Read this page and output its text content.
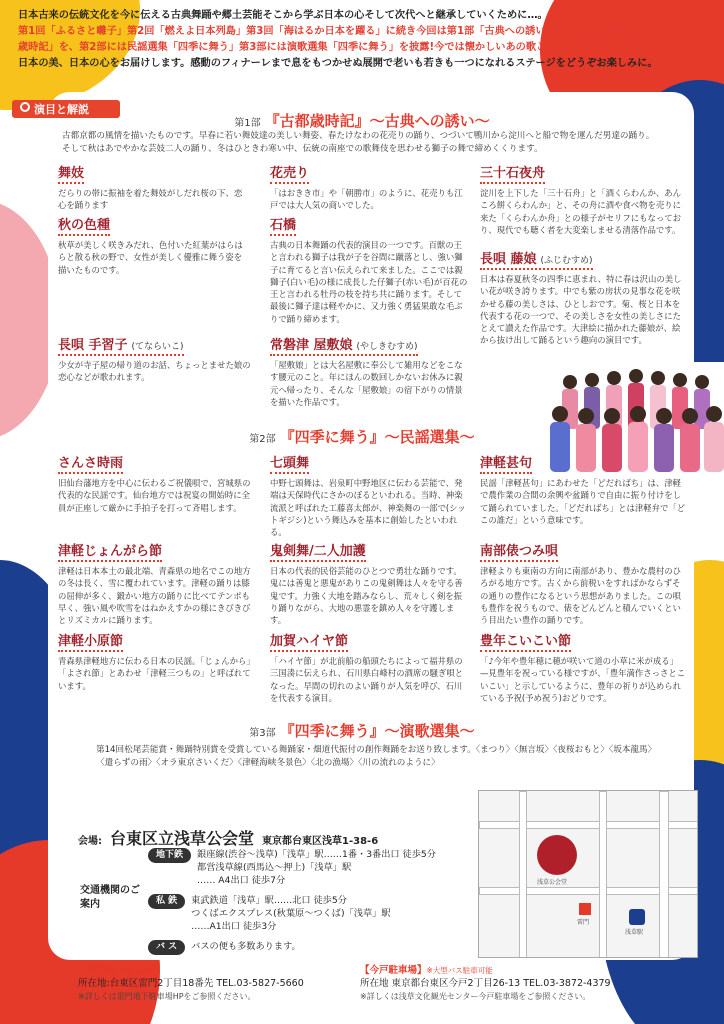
日本古来の伝統文化を今に伝える古典舞踊や郷土芸能そこから学ぶ日本の心そして次代へと継承していくために…。
第1回「ふるさと囃子」第2回「燃えよ日本列島」第3回「海はるか日本を躍る」に続き今回は第1部「古典への誘い」では古都の風情を謳った「古都
歳時記」を、第2部には民謡選集「四季に舞う」第3部には演歌選集「四季に舞う」を披露!今では懐かしいあの歌この歌。若さ溢れる子どもたちが
日本の美、日本の心をお届けします。感動のフィナーレまで息をもつかせぬ展開で老いも若きも一つになれるステージをどうぞお楽しみに。
演目と解説
第1部 『古都歳時記』〜古典への誘い〜
古都京都の風情を描いたものです。早春に若い舞妓達の美しい舞姿、春たけなわの花売りの踊り、つづいて鴨川から淀川へと船で物を運んだ男達の踊り。
そして秋はあでやかな芸妓二人の踊り、冬はひときわ寒い中、伝統の南座での歌舞伎を思わせる獅子の舞で締めくくります。
舞妓

だらりの帯に振袖を着た舞妓がしだれ桜の下、恋心を踊ります

花売り

「はおきき市」や「朝勝市」のように、花売りも江戸では大人気の商いでした。

三十石夜舟

淀川を上下した「三十石舟」と「酒くらわんか、あんころ餅くらわんか」と、その舟に酒や食べ物を売りに来た「くらわんか舟」との様子がセリフにもなっており、現代でも聴く者を大変楽しませる清落作品です。

秋の色種

秋草が美しく咲きみだれ、色付いた紅葉がはらはらと散る秋の野で、女性が美しく優雅に舞う姿を描いたものです。

石橋

古典の日本舞踊の代表的演目の一つです。百獣の王と言われる獅子は我が子を谷間に蹴落とし、強い獅子に育てると言い伝えられて来ました。ここでは親獅子(白い毛)の様に成長した仔獅子(赤い毛)が百花の王と言われる牡丹の枝を持ち共に踊ります。そして最後に獅子達は軽やかに、又力強く勇猛果敢な毛ぶりで踊り締めます。

長唄 藤娘 (ふじむすめ)

日本は春夏秋冬の四季に恵まれ、特に春は沢山の美しい花が咲き誇ります。中でも紫の房状の見事な花を咲かせる藤の美しさは、ひとしおです。菊、桜と日本を代表する花の一つで、その美しさを女性の美しさにたとえて讃えた作品です。大津絵に描かれた藤娘が、絵から抜け出して踊るという趣向の演目です。

長唄 手習子 (てならいこ)

少女が寺子屋の帰り道のお話、ちょっとませた娘の恋心などが歌われます。

常磐津 屋敷娘 (やしきむすめ)

「屋敷娘」とは大名屋敷に奉公して雑用などをこなす腰元のこと。年にほんの数回しかないお休みに親元へ帰ったり、そんな「屋敷娘」の宿下がりの情景を描いた作品です。

第2部 『四季に舞う』〜民謡選集〜
さんさ時雨

旧仙台藩地方を中心に伝わるご祝儀唄で、宮城県の代表的な民謡です。仙台地方では祝宴の開始時に全員が正座して厳かに手拍子を打って斉唱します。

七頭舞

中野七頭舞は、岩泉町中野地区に伝わる芸能で、発端は天保時代にさかのぼるといわれる。当時、神楽流派と呼ばれた工藤喜太郎が、神楽舞の一部で(シットギジシ)という舞込みを基本に創始したといわれる。

津軽甚句

民謡「津軽甚句」にあわせた「どだればち」は、津軽で農作業の合間の余興や盆踊りで自由に振り付けをして踊られていました。「どだればち」とは津軽弁で「どこの誰だ」という意味です。

津軽じょんがら節

津軽は日本本土の最北端、青森県の地名でこの地方の冬は長く、雪に覆われています。津軽の踊りは膝の屈伸が多く、鍛かい地方の踊りに比べてテンポも早く、強い風や吹雪をはねかえすかの様にきびきびとリズミカルに踊ります。

鬼剣舞/二人加護

日本の代表的民俗芸能のひとつで勇壮な踊りです。鬼には善鬼と悪鬼がありこの鬼剣舞は人々を守る善鬼です。力強く大地を踏みならし、荒々しく剣を振り踊りながら、大地の悪霊を鎮め人々を守護します。

南部俵つみ唄

津軽よりも東南の方向に南部があり、豊かな農村のひろがる地方です。古くから前税いをすればかならずその通りの豊作になるという思想がありました。この唄も豊作を祝うもので、俵をどんどんと積んでいくという目出たい豊作の踊りです。

津軽小原節

青森県津軽地方に伝わる日本の民謡。「じょんから」「よされ節」とあわせ「津軽三つもの」と呼ばれています。

加賀ハイヤ節

「ハイヤ節」が北前船の船頭たちによって福井県の三国湊に伝えられ、石川県白峰村の酒席の騒ぎ唄となった。早間の切れのよい踊りが人気を呼び、石川を代表する演目。

豊年こいこい節

「♪今年や豊年穂に穂が咲いて道の小草に米が成る」 —見豊年を祝っている様ですが、「豊年満作さっさとこいこい」と示しているように、豊年の祈りが込められている予祝(予め祝う)おどりです。

第3部 『四季に舞う』〜演歌選集〜
第14回松尾芸能賞・舞踊特別賞を受賞している舞踊家・畑道代振付の創作舞踊をお送り致します。〈まつり〉〈無言坂〉〈夜桜おもと〉〈坂本龍馬〉
〈遣らずの雨〉〈オラ東京さいくだ〉〈津軽海峡冬景色〉〈北の漁場〉〈川の流れのように〉
会場: 台東区立浅草公会堂 東京都台東区浅草1-38-6
交通機関のご案内
地下鉄 銀座線(渋谷〜浅草)「浅草」駅……1番・3番出口 徒歩5分
都営浅草線(西馬込〜押上)「浅草」駅
…… A4出口 徒歩7分
私 鉄 東武鉄道「浅草」駅……北口 徒歩5分
つくばエクスプレス(秋葉原〜つくば)「浅草」駅
……A1出口 徒歩3分
バ ス バスの便も多数あります。
浅草公会堂
雷門
浅草駅
【雷門地下駐車場】
所在地:台東区雷門2丁目18番先 TEL.03-5827-5660
※詳しくは雷門地下駐車場HPをご参照ください。
【今戸駐車場】※大型バス駐車可能
所在地 東京都台東区今戸2丁目26-13 TEL.03-3872-4379
※詳しくは浅草文化観光センター今戸駐車場をご参照ください。
